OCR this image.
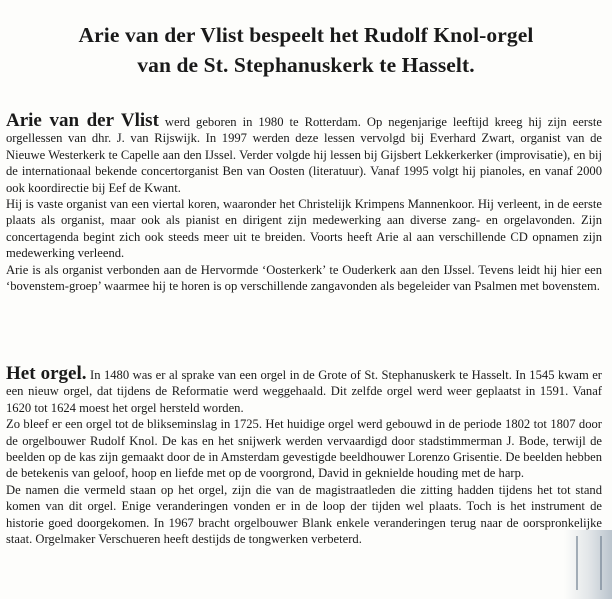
Arie van der Vlist bespeelt het Rudolf Knol-orgel
van de St. Stephanuskerk te Hasselt.

Arie van der Vlist werd geboren in 1980 te Rotterdam. Op negenjarige leeftijd kreeg hij zijn eerste orgellessen van dhr. J. van Rijswijk. In 1997 werden deze lessen vervolgd bij Everhard Zwart, organist van de Nieuwe Westerkerk te Capelle aan den IJssel. Verder volgde hij lessen bij Gijsbert Lekkerkerker (improvisatie), en bij de internationaal bekende concertorganist Ben van Oosten (literatuur). Vanaf 1995 volgt hij pianoles, en vanaf 2000 ook koordirectie bij Eef de Kwant.

Hij is vaste organist van een viertal koren, waaronder het Christelijk Krimpens Mannenkoor. Hij verleent, in de eerste plaats als organist, maar ook als pianist en dirigent zijn medewerking aan diverse zang- en orgelavonden. Zijn concertagenda begint zich ook steeds meer uit te breiden. Voorts heeft Arie al aan verschillende CD opnamen zijn medewerking verleend.

Arie is als organist verbonden aan de Hervormde ‘Oosterkerk’ te Ouderkerk aan den IJssel. Tevens leidt hij hier een ‘bovenstem-groep’ waarmee hij te horen is op verschillende zangavonden als begeleider van Psalmen met bovenstem.

Het orgel. In 1480 was er al sprake van een orgel in de Grote of St. Stephanuskerk te Hasselt. In 1545 kwam er een nieuw orgel, dat tijdens de Reformatie werd weggehaald. Dit zelfde orgel werd weer geplaatst in 1591. Vanaf 1620 tot 1624 moest het orgel hersteld worden.

Zo bleef er een orgel tot de blikseminslag in 1725. Het huidige orgel werd gebouwd in de periode 1802 tot 1807 door de orgelbouwer Rudolf Knol. De kas en het snijwerk werden vervaardigd door stadstimmerman J. Bode, terwijl de beelden op de kas zijn gemaakt door de in Amsterdam gevestigde beeldhouwer Lorenzo Grisentie. De beelden hebben de betekenis van geloof, hoop en liefde met op de voorgrond, David in geknielde houding met de harp.

De namen die vermeld staan op het orgel, zijn die van de magistraatleden die zitting hadden tijdens het tot stand komen van dit orgel. Enige veranderingen vonden er in de loop der tijden wel plaats. Toch is het instrument de historie goed doorgekomen. In 1967 bracht orgelbouwer Blank enkele veranderingen terug naar de oorspronkelijke staat. Orgelmaker Verschueren heeft destijds de tongwerken verbeterd.
